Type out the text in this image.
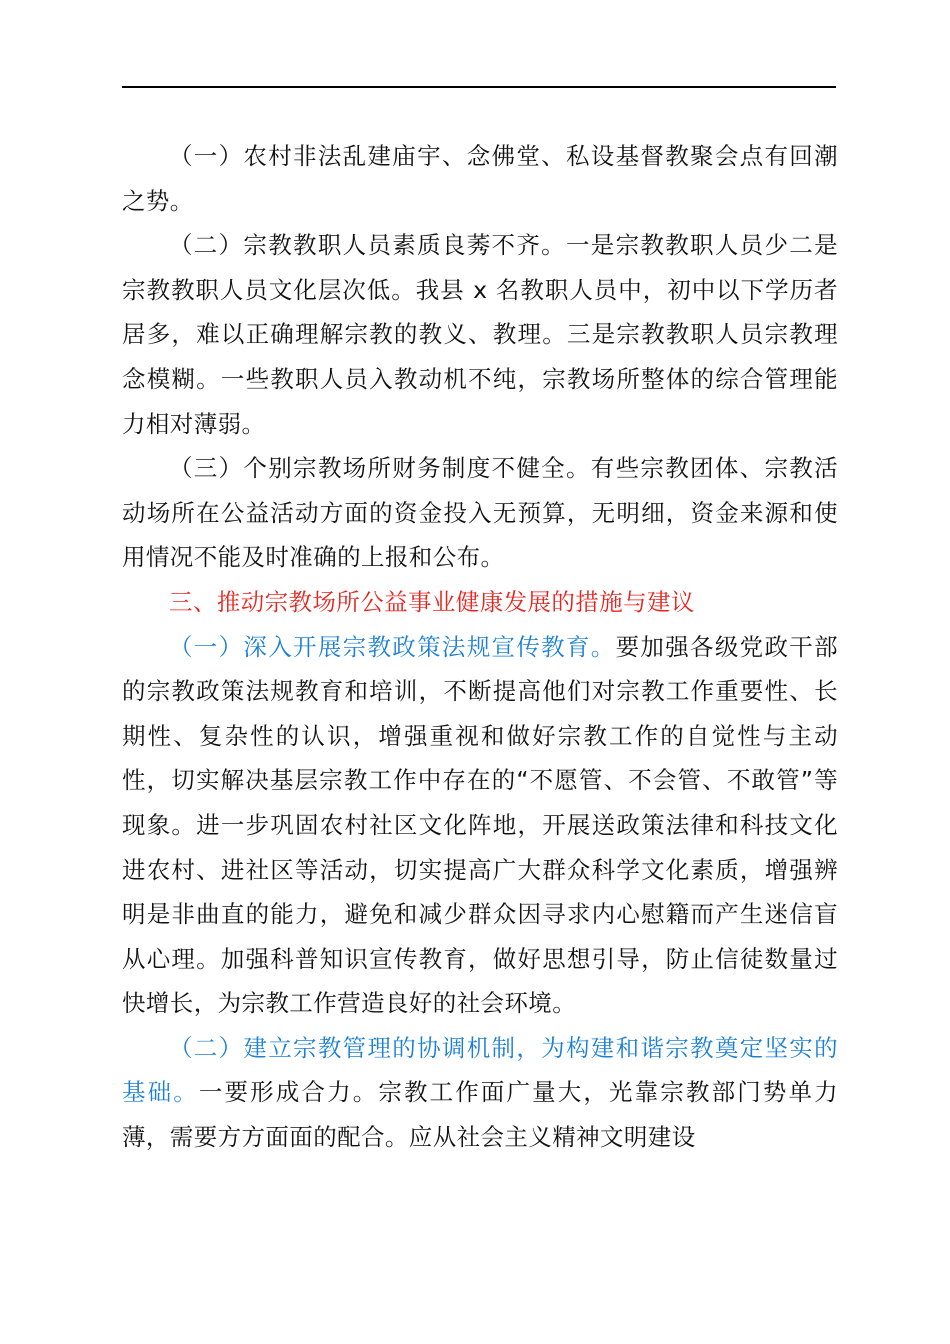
（一）农村非法乱建庙宇、念佛堂、私设基督教聚会点有回潮之势。

（二）宗教教职人员素质良莠不齐。一是宗教教职人员少二是宗教教职人员文化层次低。我县 x 名教职人员中，初中以下学历者居多，难以正确理解宗教的教义、教理。三是宗教教职人员宗教理念模糊。一些教职人员入教动机不纯，宗教场所整体的综合管理能力相对薄弱。

（三）个别宗教场所财务制度不健全。有些宗教团体、宗教活动场所在公益活动方面的资金投入无预算，无明细，资金来源和使用情况不能及时准确的上报和公布。

三、推动宗教场所公益事业健康发展的措施与建议

（一）深入开展宗教政策法规宣传教育。要加强各级党政干部的宗教政策法规教育和培训，不断提高他们对宗教工作重要性、长期性、复杂性的认识，增强重视和做好宗教工作的自觉性与主动性，切实解决基层宗教工作中存在的“不愿管、不会管、不敢管”等现象。进一步巩固农村社区文化阵地，开展送政策法律和科技文化进农村、进社区等活动，切实提高广大群众科学文化素质，增强辨明是非曲直的能力，避免和减少群众因寻求内心慰籍而产生迷信盲从心理。加强科普知识宣传教育，做好思想引导，防止信徒数量过快增长，为宗教工作营造良好的社会环境。

（二）建立宗教管理的协调机制，为构建和谐宗教奠定坚实的基础。一要形成合力。宗教工作面广量大，光靠宗教部门势单力薄，需要方方面面的配合。应从社会主义精神文明建设
